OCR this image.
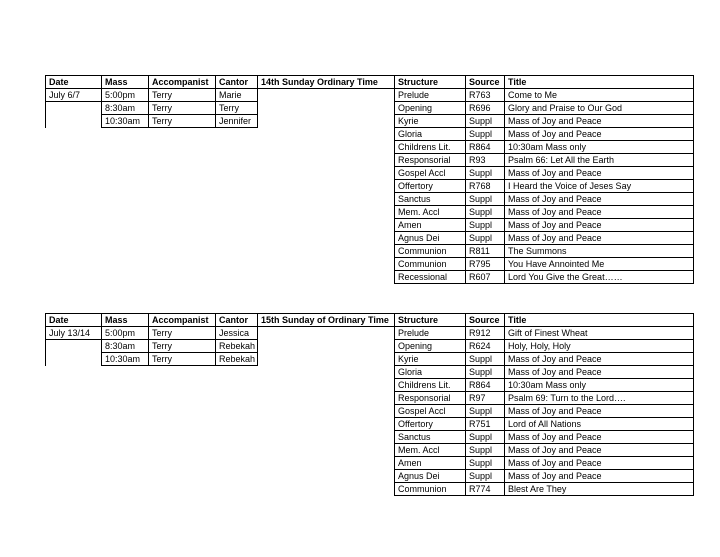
Date	Mass	Accompanist	Cantor	14th Sunday Ordinary Time	Structure	Source	Title
July 6/7	5:00pm	Terry	Marie		Prelude	R763	Come to Me
	8:30am	Terry	Terry		Opening	R696	Glory and Praise to Our God
	10:30am	Terry	Jennifer		Kyrie	Suppl	Mass of Joy and Peace
					Gloria	Suppl	Mass of Joy and Peace
					Childrens Lit.	R864	10:30am Mass only
					Responsorial	R93	Psalm 66: Let All the Earth
					Gospel Accl	Suppl	Mass of Joy and Peace
					Offertory	R768	I Heard the Voice of Jeses Say
					Sanctus	Suppl	Mass of Joy and Peace
					Mem. Accl	Suppl	Mass of Joy and Peace
					Amen	Suppl	Mass of Joy and Peace
					Agnus Dei	Suppl	Mass of Joy and Peace
					Communion	R811	The Summons
					Communion	R795	You Have Annointed Me
					Recessional	R607	Lord You Give the Great……
Date	Mass	Accompanist	Cantor	15th Sunday of Ordinary Time	Structure	Source	Title
July 13/14	5:00pm	Terry	Jessica		Prelude	R912	Gift of Finest Wheat
	8:30am	Terry	Rebekah		Opening	R624	Holy, Holy, Holy
	10:30am	Terry	Rebekah		Kyrie	Suppl	Mass of Joy and Peace
					Gloria	Suppl	Mass of Joy and Peace
					Childrens Lit.	R864	10:30am Mass only
					Responsorial	R97	Psalm 69: Turn to the Lord….
					Gospel Accl	Suppl	Mass of Joy and Peace
					Offertory	R751	Lord of All Nations
					Sanctus	Suppl	Mass of Joy and Peace
					Mem. Accl	Suppl	Mass of Joy and Peace
					Amen	Suppl	Mass of Joy and Peace
					Agnus Dei	Suppl	Mass of Joy and Peace
					Communion	R774	Blest Are They
